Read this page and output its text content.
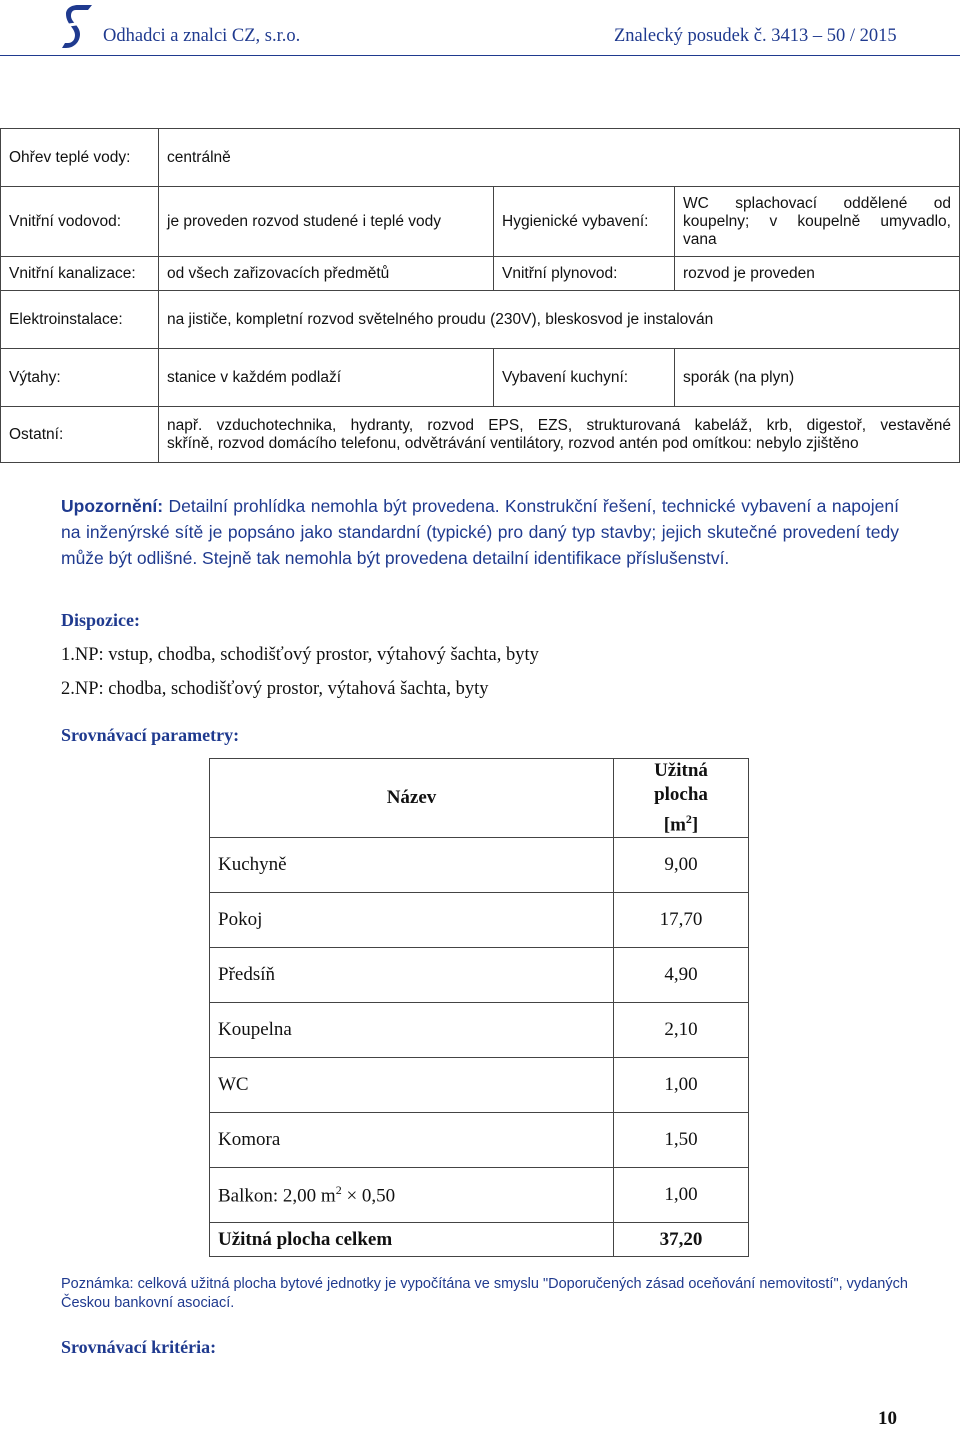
Odhadci a znalci CZ, s.r.o.	Znalecký posudek č. 3413 – 50 / 2015
Ohřev teplé vody:	centrálně		
Vnitřní vodovod:	je proveden rozvod studené i teplé vody	Hygienické vybavení:	WC splachovací oddělené od
koupelny; v koupelně umyvadlo,
vana

Vnitřní kanalizace:	od všech zařizovacích předmětů	Vnitřní plynovod:	rozvod je proveden
Elektroinstalace:	na jističe, kompletní rozvod světelného proudu (230V), bleskosvod je instalován		
Výtahy:	stanice v každém podlaží	Vybavení kuchyní:	sporák (na plyn)
Ostatní:	např. vzduchotechnika, hydranty, rozvod EPS, EZS, strukturovaná kabeláž, krb, digestoř, vestavěné
skříně, rozvod domácího telefonu, odvětrávání ventilátory, rozvod antén pod omítkou: nebylo zjištěno		
Upozornění: Detailní prohlídka nemohla být provedena. Konstrukční řešení, technické vybavení a napojení na inženýrské sítě je popsáno jako standardní (typické) pro daný typ stavby; jejich skutečné provedení tedy může být odlišné. Stejně tak nemohla být provedena detailní identifikace příslušenství.
Dispozice:
1.NP: vstup, chodba, schodišťový prostor, výtahový šachta, byty
2.NP: chodba, schodišťový prostor, výtahová šachta, byty
Srovnávací parametry:
Název	Užitná
plocha
$[m^2]$

Kuchyně	9,00
Pokoj	17,70
Předsíň	4,90
Koupelna	2,10
WC	1,00
Komora	1,50
Balkon: 2,00 $m^2 \times 0,50$	1,00
Užitná plocha celkem	37,20
Poznámka: celková užitná plocha bytové jednotky je vypočítána ve smyslu "Doporučených zásad oceňování nemovitostí", vydaných Českou bankovní asociací.
Srovnávací kritéria:
10
